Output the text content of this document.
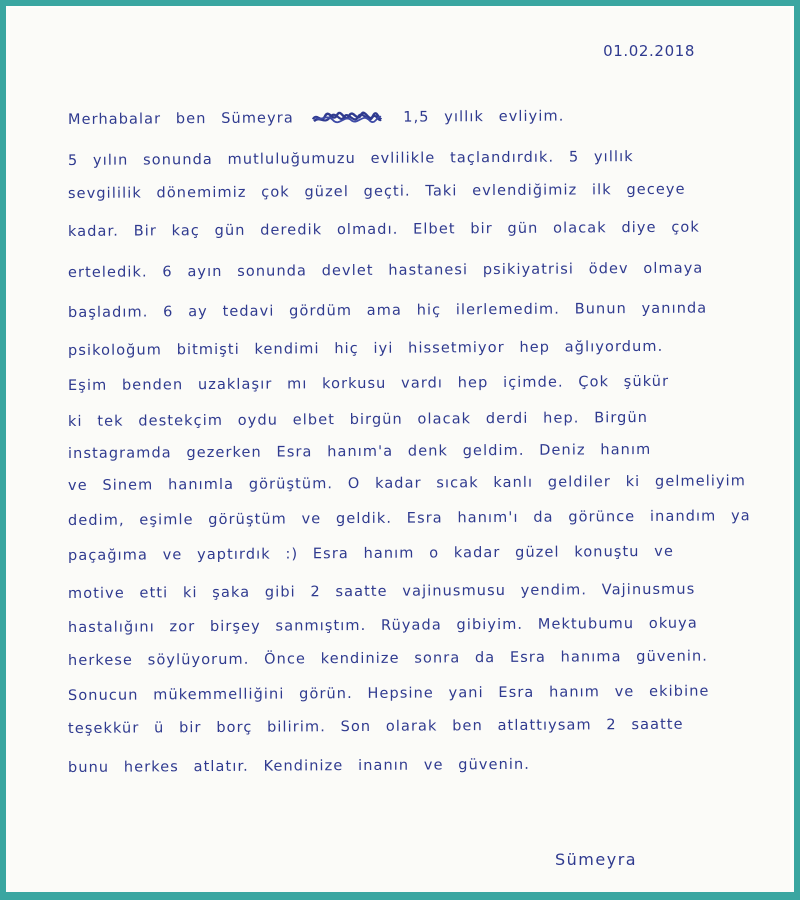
01.02.2018
Merhabalar ben Sümeyra	1,5 yıllık evliyim.
5 yılın sonunda mutluluğumuzu evlilikle taçlandırdık. 5 yıllık
sevgililik dönemimiz çok güzel geçti. Taki evlendiğimiz ilk geceye
kadar. Bir kaç gün deredik olmadı. Elbet bir gün olacak diye çok
erteledik. 6 ayın sonunda devlet hastanesi psikiyatrisi ödev olmaya
başladım. 6 ay tedavi gördüm ama hiç ilerlemedim. Bunun yanında
psikoloğum bitmişti kendimi hiç iyi hissetmiyor hep ağlıyordum.
Eşim benden uzaklaşır mı korkusu vardı hep içimde. Çok şükür
ki tek destekçim oydu elbet birgün olacak derdi hep. Birgün
instagramda gezerken Esra hanım'a denk geldim. Deniz hanım
ve Sinem hanımla görüştüm. O kadar sıcak kanlı geldiler ki gelmeliyim
dedim, eşimle görüştüm ve geldik. Esra hanım'ı da görünce inandım ya
paçağıma ve yaptırdık :) Esra hanım o kadar güzel konuştu ve
motive etti ki şaka gibi 2 saatte vajinusmusu yendim. Vajinusmus
hastalığını zor birşey sanmıştım. Rüyada gibiyim. Mektubumu okuya
herkese söylüyorum. Önce kendinize sonra da Esra hanıma güvenin.
Sonucun mükemmelliğini görün. Hepsine yani Esra hanım ve ekibine
teşekkür ü bir borç bilirim. Son olarak ben atlattıysam 2 saatte
bunu herkes atlatır. Kendinize inanın ve güvenin.
Sümeyra
